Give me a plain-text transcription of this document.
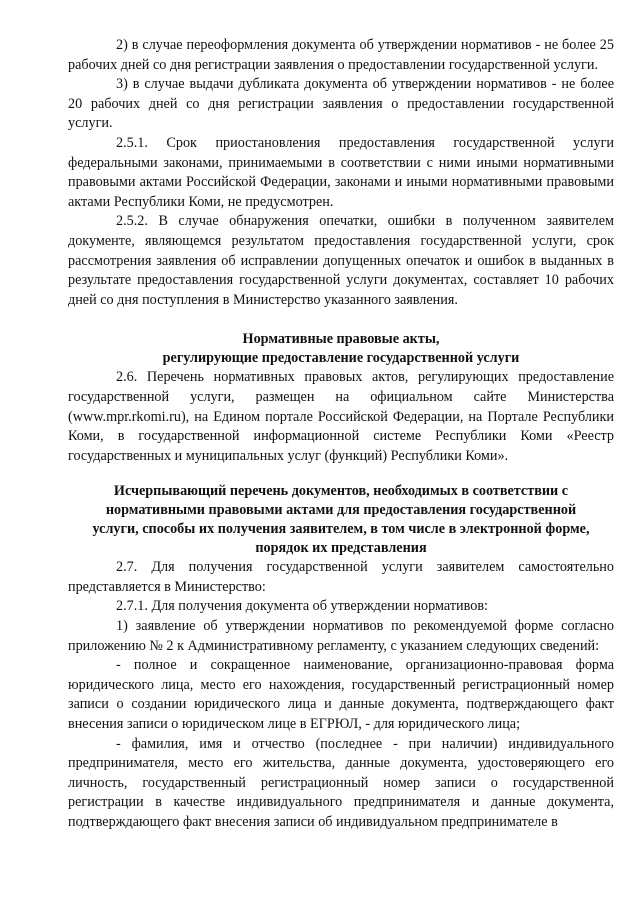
2) в случае переоформления документа об утверждении нормативов - не более 25 рабочих дней со дня регистрации заявления о предоставлении государственной услуги.

3) в случае выдачи дубликата документа об утверждении нормативов - не более 20 рабочих дней со дня регистрации заявления о предоставлении государственной услуги.

2.5.1. Срок приостановления предоставления государственной услуги федеральными законами, принимаемыми в соответствии с ними иными нормативными правовыми актами Российской Федерации, законами и иными нормативными правовыми актами Республики Коми, не предусмотрен.

2.5.2. В случае обнаружения опечатки, ошибки в полученном заявителем документе, являющемся результатом предоставления государственной услуги, срок рассмотрения заявления об исправлении допущенных опечаток и ошибок в выданных в результате предоставления государственной услуги документах, составляет 10 рабочих дней со дня поступления в Министерство указанного заявления.

Нормативные правовые акты,

регулирующие предоставление государственной услуги

2.6. Перечень нормативных правовых актов, регулирующих предоставление государственной услуги, размещен на официальном сайте Министерства (www.mpr.rkomi.ru), на Едином портале Российской Федерации, на Портале Республики Коми, в государственной информационной системе Республики Коми «Реестр государственных и муниципальных услуг (функций) Республики Коми».

Исчерпывающий перечень документов, необходимых в соответствии с

нормативными правовыми актами для предоставления государственной

услуги, способы их получения заявителем, в том числе в электронной форме,

порядок их представления

2.7. Для получения государственной услуги заявителем самостоятельно представляется в Министерство:

2.7.1. Для получения документа об утверждении нормативов:

1) заявление об утверждении нормативов по рекомендуемой форме согласно приложению № 2 к Административному регламенту, с указанием следующих сведений:

- полное и сокращенное наименование, организационно-правовая форма юридического лица, место его нахождения, государственный регистрационный номер записи о создании юридического лица и данные документа, подтверждающего факт внесения записи о юридическом лице в ЕГРЮЛ, - для юридического лица;

- фамилия, имя и отчество (последнее - при наличии) индивидуального предпринимателя, место его жительства, данные документа, удостоверяющего его личность, государственный регистрационный номер записи о государственной регистрации в качестве индивидуального предпринимателя и данные документа, подтверждающего факт внесения записи об индивидуальном предпринимателе в
